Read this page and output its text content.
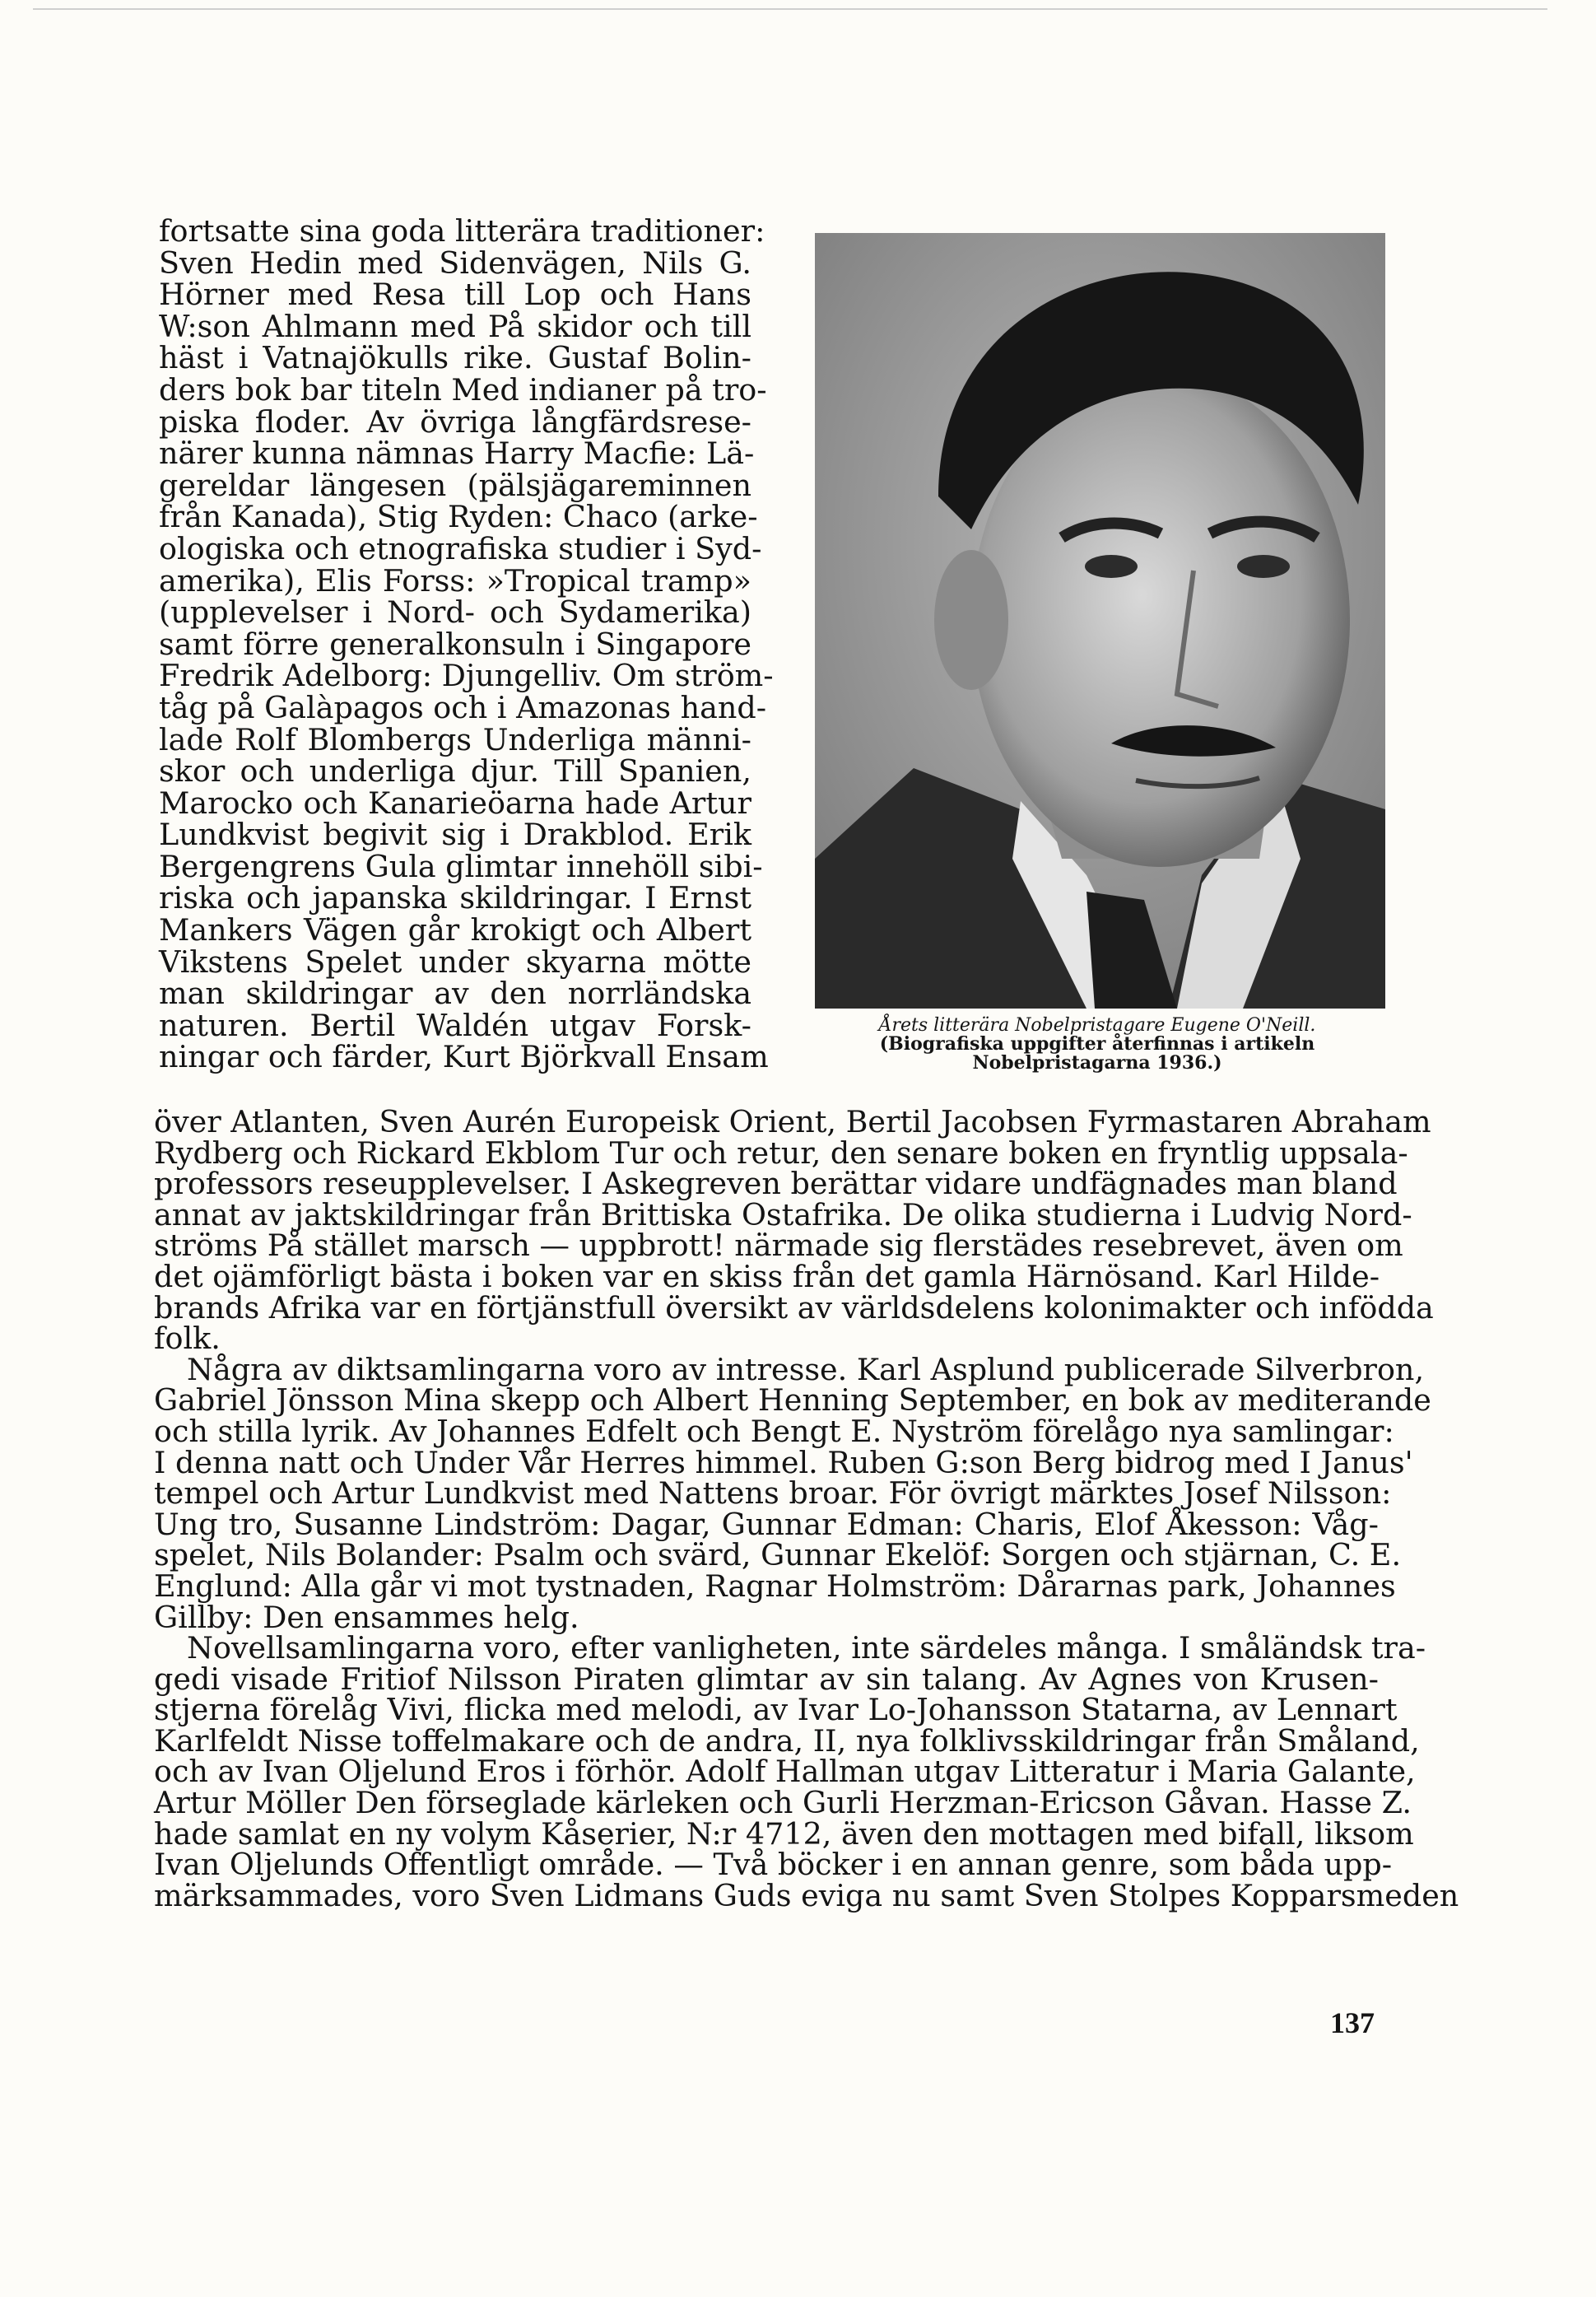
fortsatte sina goda litterära traditioner:
Sven Hedin med Sidenvägen, Nils G.
Hörner med Resa till Lop och Hans
W:son Ahlmann med På skidor och till
häst i Vatnajökulls rike. Gustaf Bolin-
ders bok bar titeln Med indianer på tro-
piska floder. Av övriga långfärdsrese-
närer kunna nämnas Harry Macfie: Lä-
gereldar längesen (pälsjägareminnen
från Kanada), Stig Ryden: Chaco (arke-
ologiska och etnografiska studier i Syd-
amerika), Elis Forss: »Tropical tramp»
(upplevelser i Nord- och Sydamerika)
samt förre generalkonsuln i Singapore
Fredrik Adelborg: Djungelliv. Om ström-
tåg på Galàpagos och i Amazonas hand-
lade Rolf Blombergs Underliga männi-
skor och underliga djur. Till Spanien,
Marocko och Kanarieöarna hade Artur
Lundkvist begivit sig i Drakblod. Erik
Bergengrens Gula glimtar innehöll sibi-
riska och japanska skildringar. I Ernst
Mankers Vägen går krokigt och Albert
Vikstens Spelet under skyarna mötte
man skildringar av den norrländska
naturen. Bertil Waldén utgav Forsk-
ningar och färder, Kurt Björkvall Ensam
Årets litterära Nobelpristagare Eugene O'Neill.
(Biografiska uppgifter återfinnas i artikeln
Nobelpristagarna 1936.)
över Atlanten, Sven Aurén Europeisk Orient, Bertil Jacobsen Fyrmastaren Abraham
Rydberg och Rickard Ekblom Tur och retur, den senare boken en fryntlig uppsala-
professors reseupplevelser. I Askegreven berättar vidare undfägnades man bland
annat av jaktskildringar från Brittiska Ostafrika. De olika studierna i Ludvig Nord-
ströms På stället marsch — uppbrott! närmade sig flerstädes resebrevet, även om
det ojämförligt bästa i boken var en skiss från det gamla Härnösand. Karl Hilde-
brands Afrika var en förtjänstfull översikt av världsdelens kolonimakter och infödda
folk.
Några av diktsamlingarna voro av intresse. Karl Asplund publicerade Silverbron,
Gabriel Jönsson Mina skepp och Albert Henning September, en bok av mediterande
och stilla lyrik. Av Johannes Edfelt och Bengt E. Nyström förelågo nya samlingar:
I denna natt och Under Vår Herres himmel. Ruben G:son Berg bidrog med I Janus'
tempel och Artur Lundkvist med Nattens broar. För övrigt märktes Josef Nilsson:
Ung tro, Susanne Lindström: Dagar, Gunnar Edman: Charis, Elof Åkesson: Våg-
spelet, Nils Bolander: Psalm och svärd, Gunnar Ekelöf: Sorgen och stjärnan, C. E.
Englund: Alla går vi mot tystnaden, Ragnar Holmström: Dårarnas park, Johannes
Gillby: Den ensammes helg.
Novellsamlingarna voro, efter vanligheten, inte särdeles många. I småländsk tra-
gedi visade Fritiof Nilsson Piraten glimtar av sin talang. Av Agnes von Krusen-
stjerna förelåg Vivi, flicka med melodi, av Ivar Lo-Johansson Statarna, av Lennart
Karlfeldt Nisse toffelmakare och de andra, II, nya folklivsskildringar från Småland,
och av Ivan Oljelund Eros i förhör. Adolf Hallman utgav Litteratur i Maria Galante,
Artur Möller Den förseglade kärleken och Gurli Herzman-Ericson Gåvan. Hasse Z.
hade samlat en ny volym Kåserier, N:r 4712, även den mottagen med bifall, liksom
Ivan Oljelunds Offentligt område. — Två böcker i en annan genre, som båda upp-
märksammades, voro Sven Lidmans Guds eviga nu samt Sven Stolpes Kopparsmeden
137
